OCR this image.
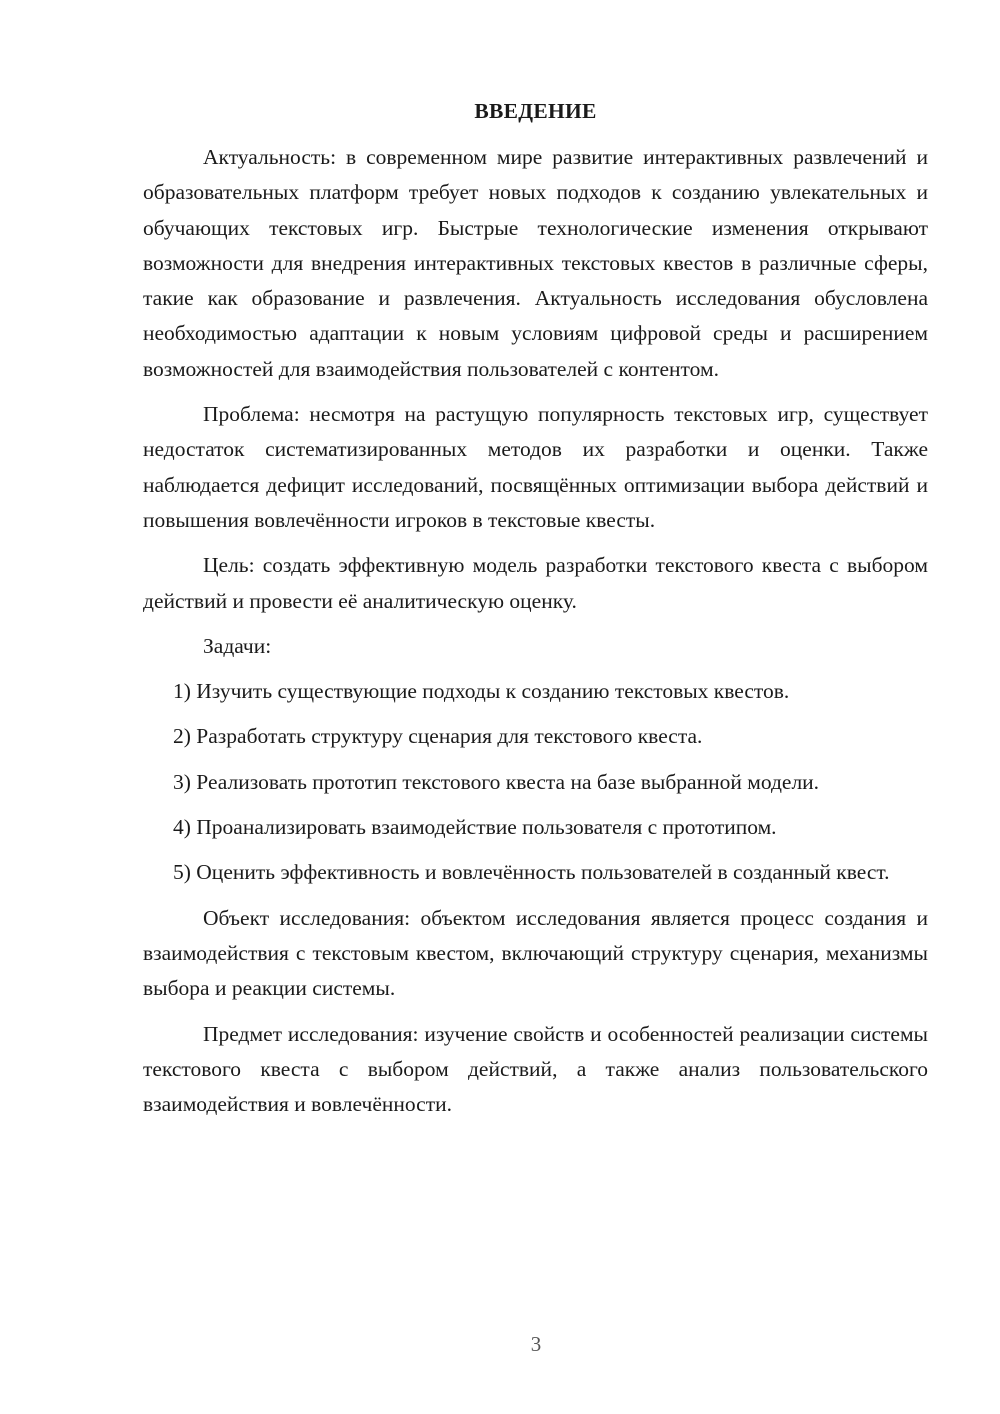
ВВЕДЕНИЕ

Актуальность: в современном мире развитие интерактивных развлечений и образовательных платформ требует новых подходов к созданию увлекательных и обучающих текстовых игр. Быстрые технологические изменения открывают возможности для внедрения интерактивных текстовых квестов в различные сферы, такие как образование и развлечения. Актуальность исследования обусловлена необходимостью адаптации к новым условиям цифровой среды и расширением возможностей для взаимодействия пользователей с контентом.

Проблема: несмотря на растущую популярность текстовых игр, существует недостаток систематизированных методов их разработки и оценки. Также наблюдается дефицит исследований, посвящённых оптимизации выбора действий и повышения вовлечённости игроков в текстовые квесты.

Цель: создать эффективную модель разработки текстового квеста с выбором действий и провести её аналитическую оценку.

Задачи:

1) Изучить существующие подходы к созданию текстовых квестов.

2) Разработать структуру сценария для текстового квеста.

3) Реализовать прототип текстового квеста на базе выбранной модели.

4) Проанализировать взаимодействие пользователя с прототипом.

5) Оценить эффективность и вовлечённость пользователей в созданный квест.

Объект исследования: объектом исследования является процесс создания и взаимодействия с текстовым квестом, включающий структуру сценария, механизмы выбора и реакции системы.

Предмет исследования: изучение свойств и особенностей реализации системы текстового квеста с выбором действий, а также анализ пользовательского взаимодействия и вовлечённости.

3
